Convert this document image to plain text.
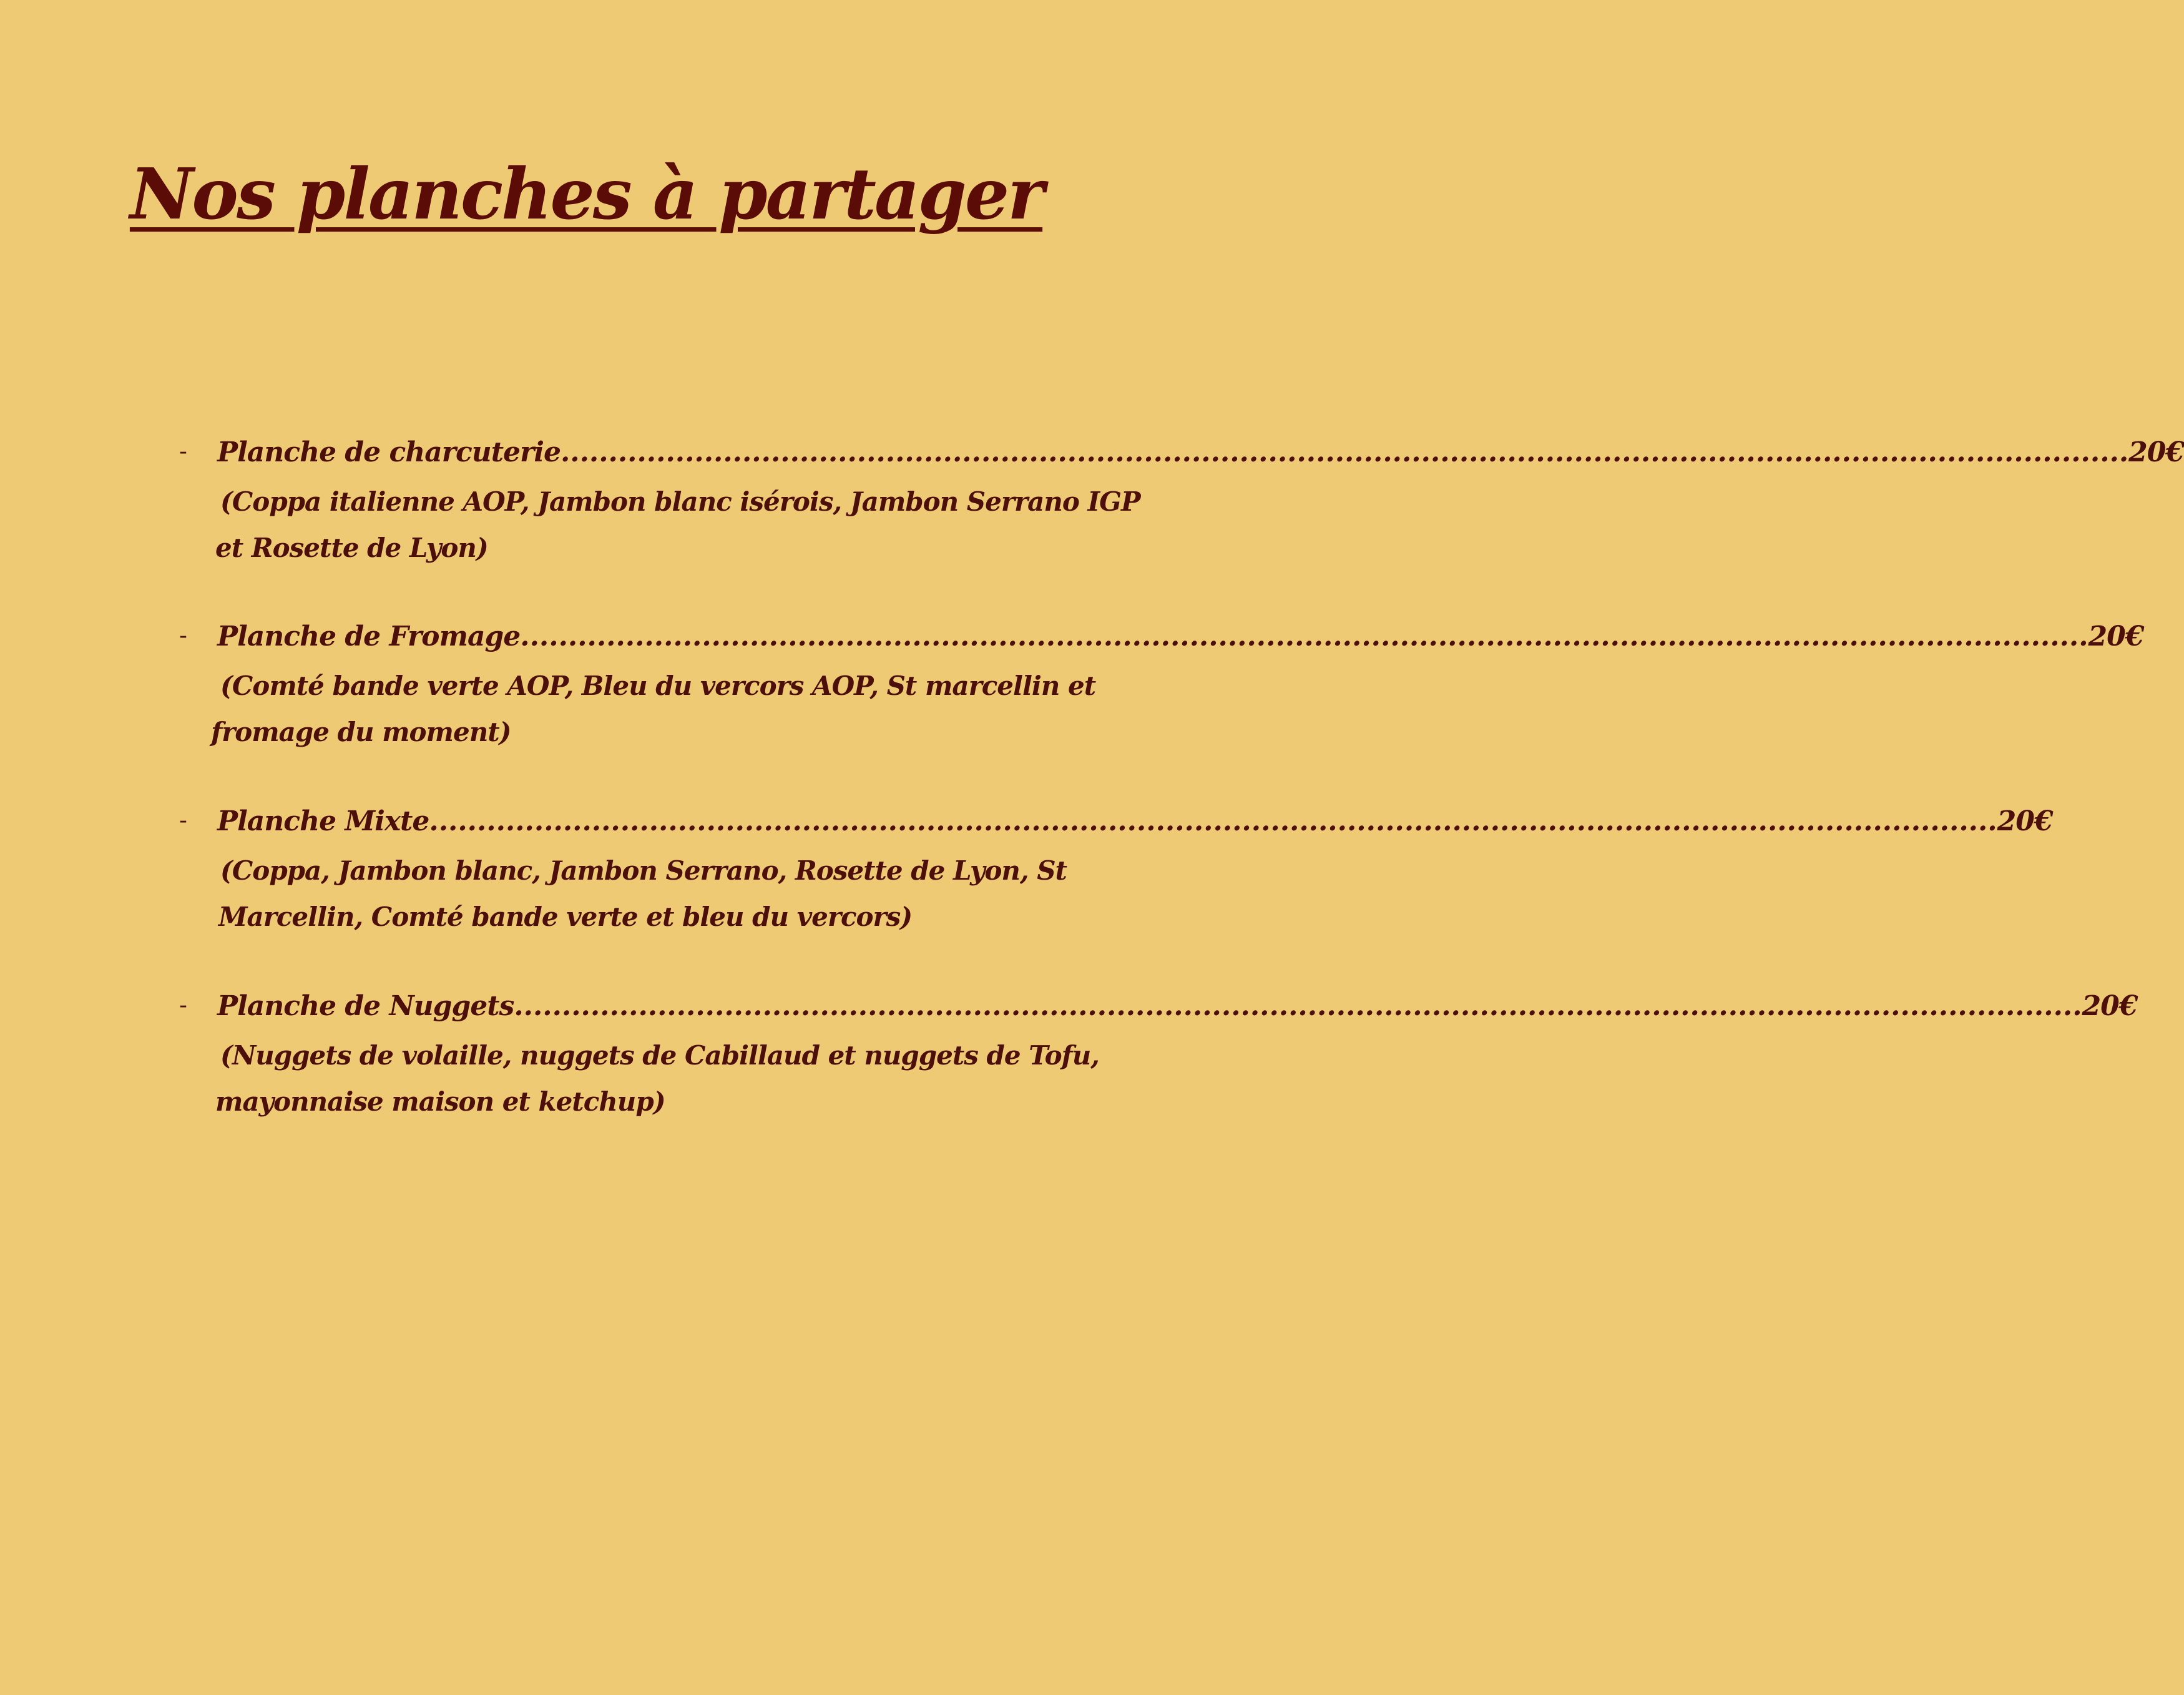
Nos planches à partager
- Planche de charcuterie .................................................................................................................................................................... 20€

(Coppa italienne AOP, Jambon blanc isérois, Jambon Serrano IGP
et Rosette de Lyon)

- Planche de Fromage .................................................................................................................................................................... 20€

(Comté bande verte AOP, Bleu du vercors AOP, St marcellin et
fromage du moment)

- Planche Mixte .................................................................................................................................................................... 20€

(Coppa, Jambon blanc, Jambon Serrano, Rosette de Lyon, St
Marcellin, Comté bande verte et bleu du vercors)

- Planche de Nuggets .................................................................................................................................................................... 20€

(Nuggets de volaille, nuggets de Cabillaud et nuggets de Tofu,
mayonnaise maison et ketchup)
